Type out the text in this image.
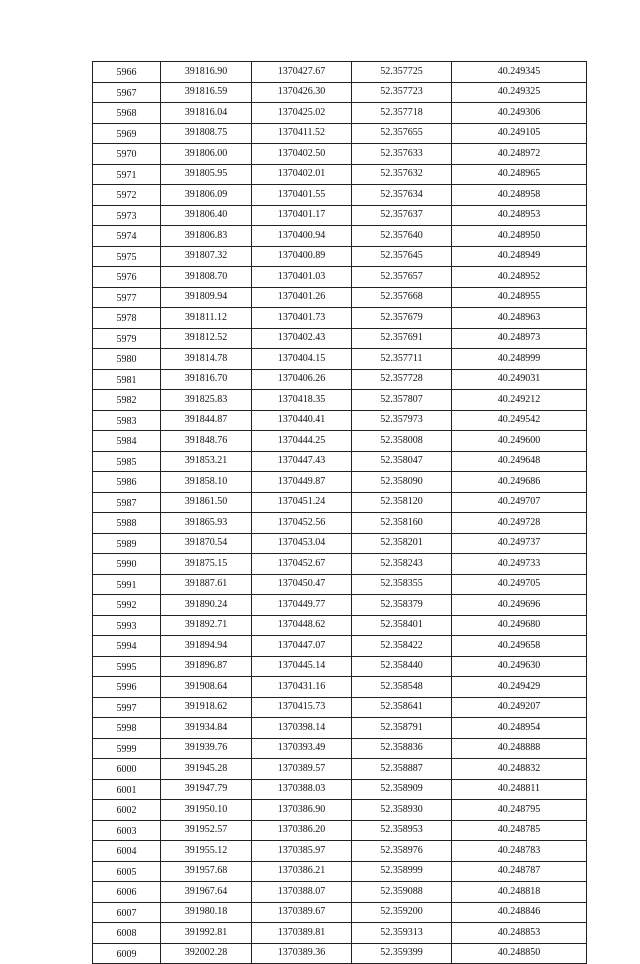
5966	391816.90	1370427.67	52.357725	40.249345
5967	391816.59	1370426.30	52.357723	40.249325
5968	391816.04	1370425.02	52.357718	40.249306
5969	391808.75	1370411.52	52.357655	40.249105
5970	391806.00	1370402.50	52.357633	40.248972
5971	391805.95	1370402.01	52.357632	40.248965
5972	391806.09	1370401.55	52.357634	40.248958
5973	391806.40	1370401.17	52.357637	40.248953
5974	391806.83	1370400.94	52.357640	40.248950
5975	391807.32	1370400.89	52.357645	40.248949
5976	391808.70	1370401.03	52.357657	40.248952
5977	391809.94	1370401.26	52.357668	40.248955
5978	391811.12	1370401.73	52.357679	40.248963
5979	391812.52	1370402.43	52.357691	40.248973
5980	391814.78	1370404.15	52.357711	40.248999
5981	391816.70	1370406.26	52.357728	40.249031
5982	391825.83	1370418.35	52.357807	40.249212
5983	391844.87	1370440.41	52.357973	40.249542
5984	391848.76	1370444.25	52.358008	40.249600
5985	391853.21	1370447.43	52.358047	40.249648
5986	391858.10	1370449.87	52.358090	40.249686
5987	391861.50	1370451.24	52.358120	40.249707
5988	391865.93	1370452.56	52.358160	40.249728
5989	391870.54	1370453.04	52.358201	40.249737
5990	391875.15	1370452.67	52.358243	40.249733
5991	391887.61	1370450.47	52.358355	40.249705
5992	391890.24	1370449.77	52.358379	40.249696
5993	391892.71	1370448.62	52.358401	40.249680
5994	391894.94	1370447.07	52.358422	40.249658
5995	391896.87	1370445.14	52.358440	40.249630
5996	391908.64	1370431.16	52.358548	40.249429
5997	391918.62	1370415.73	52.358641	40.249207
5998	391934.84	1370398.14	52.358791	40.248954
5999	391939.76	1370393.49	52.358836	40.248888
6000	391945.28	1370389.57	52.358887	40.248832
6001	391947.79	1370388.03	52.358909	40.248811
6002	391950.10	1370386.90	52.358930	40.248795
6003	391952.57	1370386.20	52.358953	40.248785
6004	391955.12	1370385.97	52.358976	40.248783
6005	391957.68	1370386.21	52.358999	40.248787
6006	391967.64	1370388.07	52.359088	40.248818
6007	391980.18	1370389.67	52.359200	40.248846
6008	391992.81	1370389.81	52.359313	40.248853
6009	392002.28	1370389.36	52.359399	40.248850
